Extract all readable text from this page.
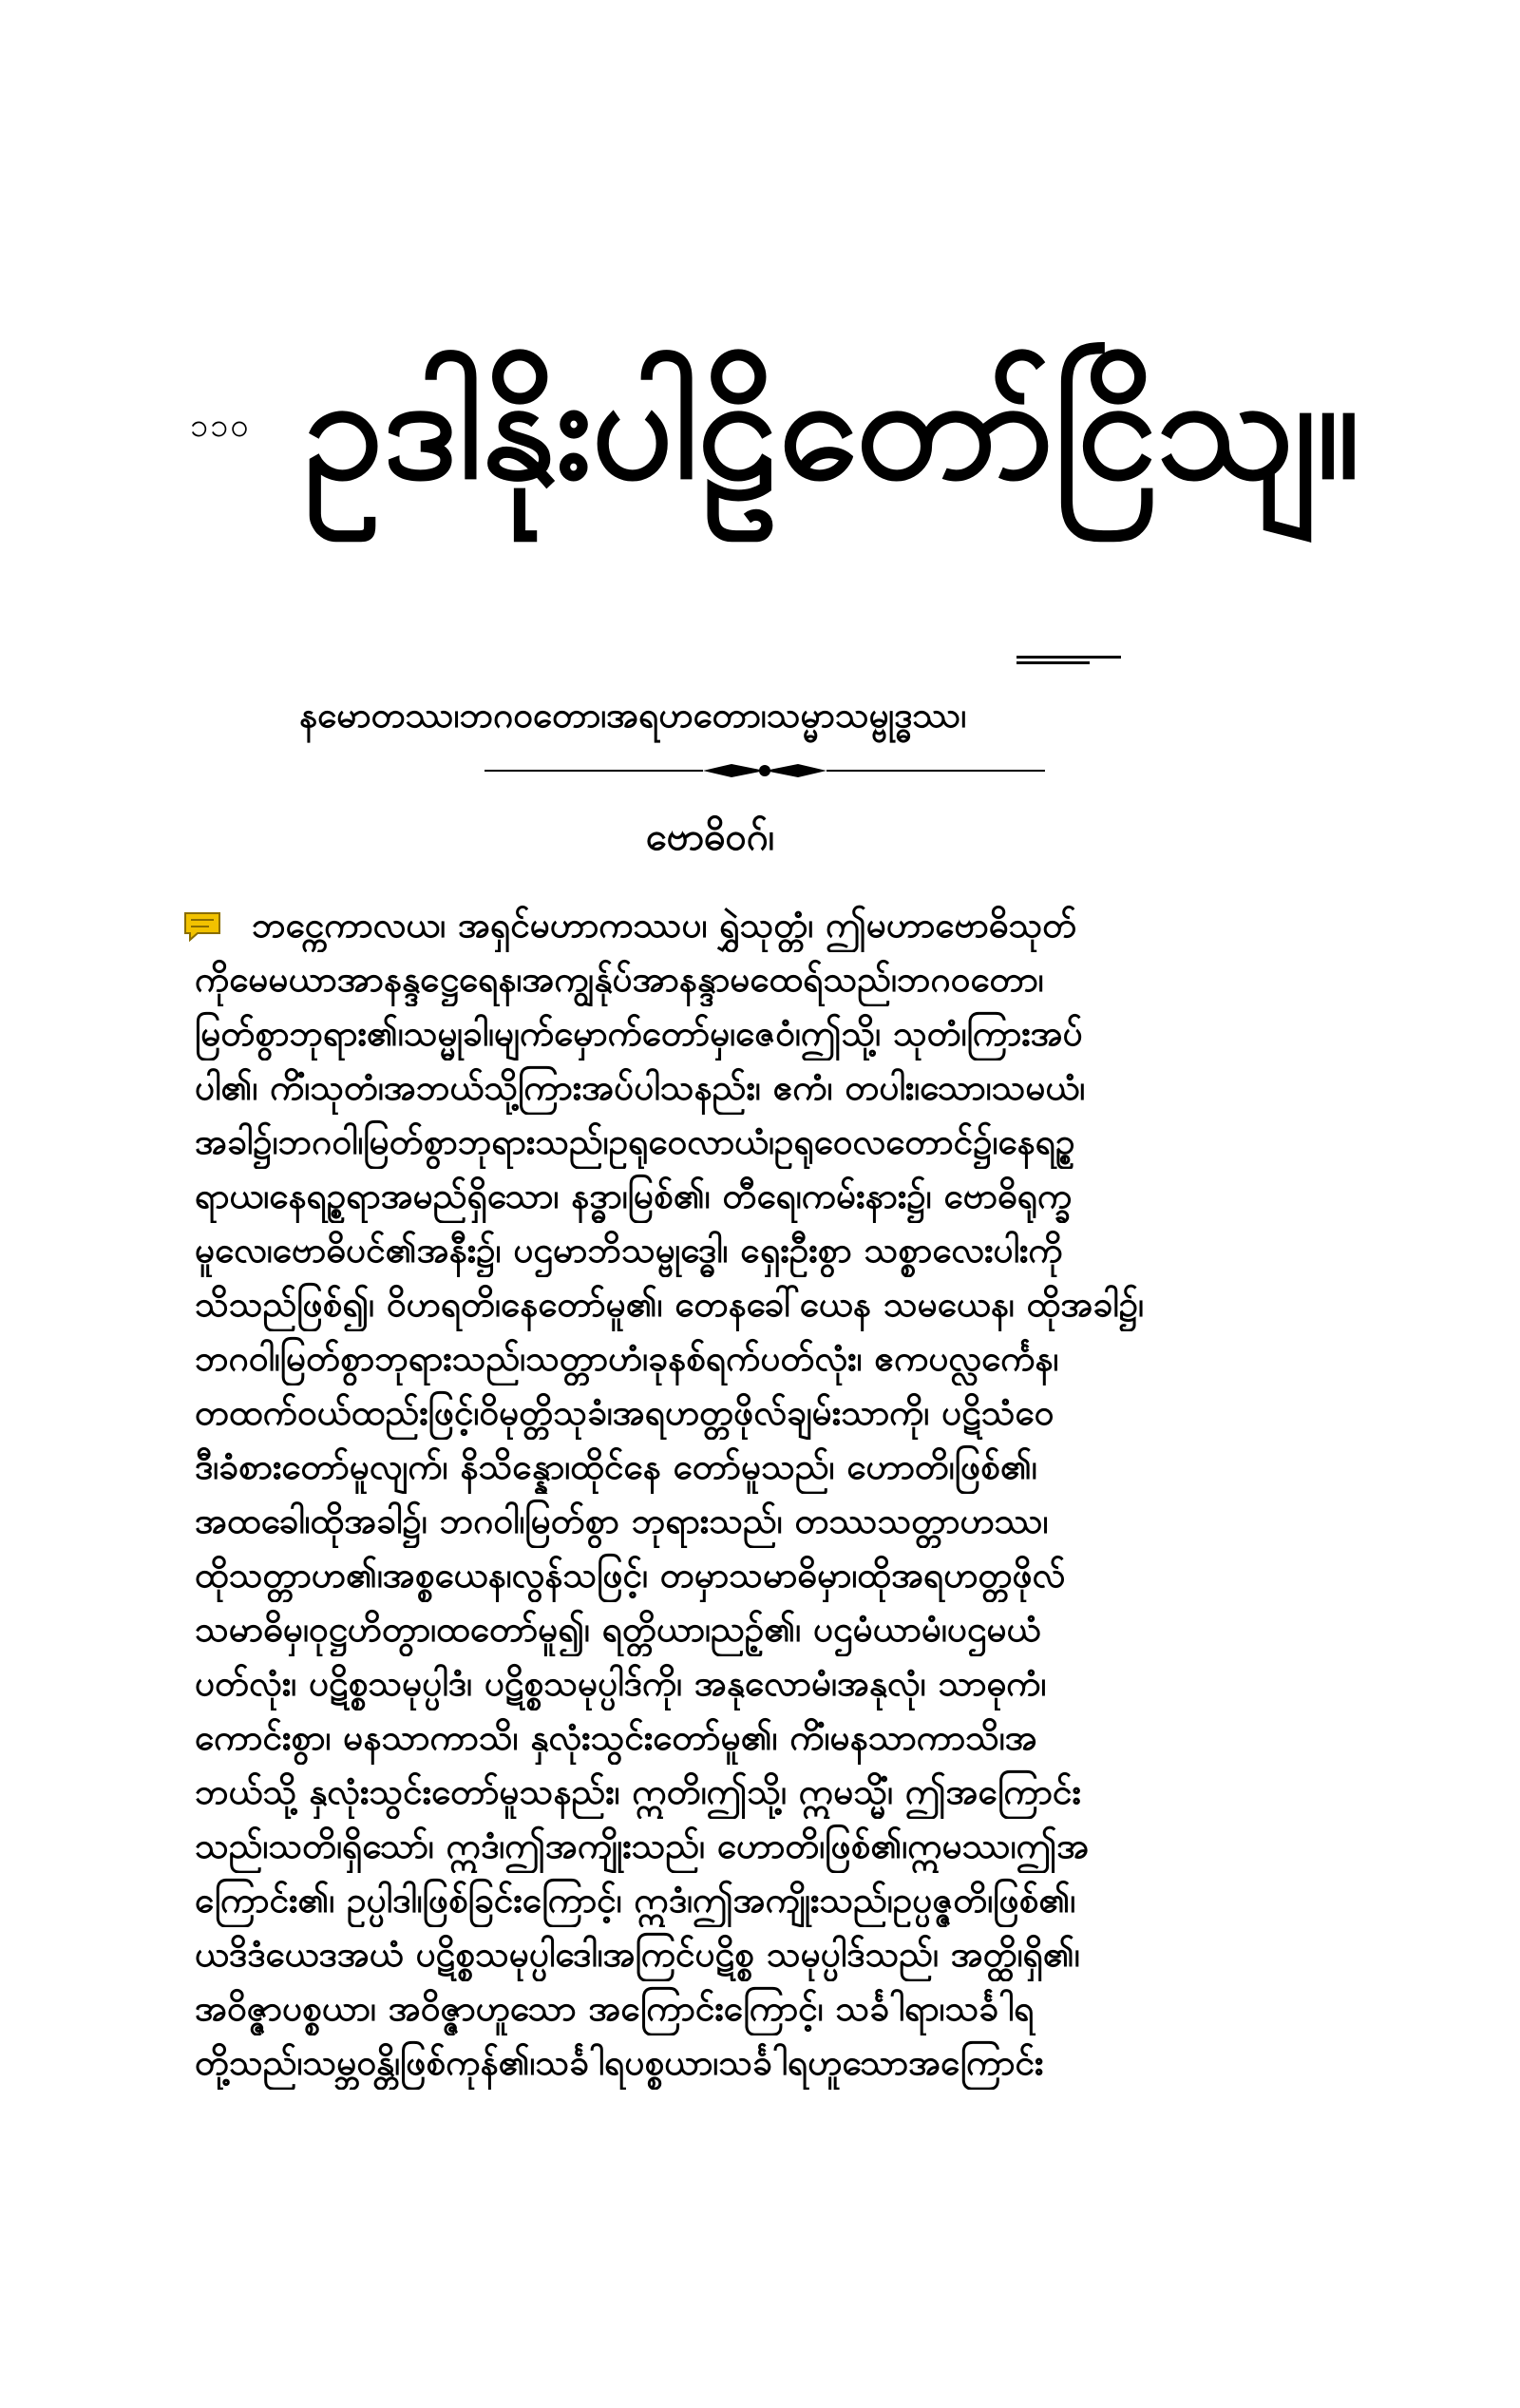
၁၁၀ ဥဒါနိုးပါဠိတော်ငြိသျ။
နမောတဿ၊ဘဂဝတော၊အရဟတော၊သမ္မာသမ္ဗုဒ္ဓဿ၊
ဗောဓိဝဂ်၊
ဘင္ကေကာလယ၊ အရှင်မဟာကဿပ၊ ရွှဲသုတ္တံ၊ ဤမဟာဗောဓိသုတ်
ကိုမေမယာအာနန္ဒဋ္ဌေရေန၊အကျွန်ုပ်အာနန္ဒာမထေရ်သည်၊ဘဂဝတော၊
မြတ်စွာဘုရား၏၊သမ္မုခါ၊မျက်မှောက်တော်မှ၊ဇေဝံ၊ဤသို့၊ သုတံ၊ကြားအပ်
ပါ၏၊ ကိံ၊သုတံ၊အဘယ်သို့ကြားအပ်ပါသနည်း၊ ဧကံ၊ တပါး၊သော၊သမယံ၊
အခါ၌၊ဘဂဝါ၊မြတ်စွာဘုရားသည်၊ဥရုဝေလာယံ၊ဥရုဝေလတောင်၌၊နေရဥ္စ
ရာယ၊နေရဥ္စရာအမည်ရှိသော၊ နဒ္ဓာ၊မြစ်၏၊ တီရေ၊ကမ်းနား၌၊ ဗောဓိရုက္ခ
မူလေ၊ဗောဓိပင်၏အနီး၌၊ ပဌမာဘိသမ္ဗုဒ္ဓေါ၊ ရှေးဦးစွာ သစ္စာလေးပါးကို
သိသည်ဖြစ်၍၊ ဝိဟရတိ၊နေတော်မူ၏၊ တေနခေါ်ယေန သမယေန၊ ထိုအခါ၌၊
ဘဂဝါ၊မြတ်စွာဘုရားသည်၊သတ္တာဟံ၊ခုနစ်ရက်ပတ်လုံး၊ ဧကပလ္လင်္ကေန၊
တထက်ဝယ်ထည်းဖြင့်၊ဝိမုတ္တိသုခံ၊အရဟတ္တဖိုလ်ချမ်းသာကို၊ ပဋိသံဝေ
ဒီ၊ခံစားတော်မူလျက်၊ နိသိန္နော၊ထိုင်နေ တော်မူသည်၊ ဟောတိ၊ဖြစ်၏၊
အထခေါ၊ထိုအခါ၌၊ ဘဂဝါ၊မြတ်စွာ ဘုရားသည်၊ တဿသတ္တာဟဿ၊
ထိုသတ္တာဟ၏၊အစ္စယေန၊လွန်သဖြင့်၊ တမှာသမာဓိမှာ၊ထိုအရဟတ္တဖိုလ်
သမာဓိမှ၊ဝုဋ္ဌဟိတွာ၊ထတော်မူ၍၊ ရတ္တိယာ၊ညဉ့်၏၊ ပဌမံယာမံ၊ပဌမယံ
ပတ်လုံး၊ ပဋိစ္စသမုပ္ပါဒံ၊ ပဋိစ္စသမုပ္ပါဒ်ကို၊ အနုလောမံ၊အနုလုံ၊ သာဓုကံ၊
ကောင်းစွာ၊ မနသာကာသိ၊ နှလုံးသွင်းတော်မူ၏၊ ကိံ၊မနသာကာသိ၊အ
ဘယ်သို့ နှလုံးသွင်းတော်မူသနည်း၊ ဣတိ၊ဤသို့၊ ဣမသ္မိံ၊ ဤအကြောင်း
သည်၊သတိ၊ရှိသော်၊ ဣဒံ၊ဤအကျိုးသည်၊ ဟောတိ၊ဖြစ်၏၊ဣမဿ၊ဤအ
ကြောင်း၏၊ ဥပ္ပါဒါ၊ဖြစ်ခြင်းကြောင့်၊ ဣဒံ၊ဤအကျိုးသည်၊ဥပ္ပဇ္ဇတိ၊ဖြစ်၏၊
ယဒိဒံယေဒအယံ ပဋိစ္စသမုပ္ပါဒေါ၊အကြင်ပဋိစ္စ သမုပ္ပါဒ်သည်၊ အတ္ထိ၊ရှိ၏၊
အဝိဇ္ဇာပစ္စယာ၊ အဝိဇ္ဇာဟူသော အကြောင်းကြောင့်၊ သင်္ခါရာ၊သင်္ခါရ
တို့သည်၊သမ္ဘဝန္တိ၊ဖြစ်ကုန်၏၊သင်္ခါရပစ္စယာ၊သင်္ခါရဟူသောအကြောင်း
